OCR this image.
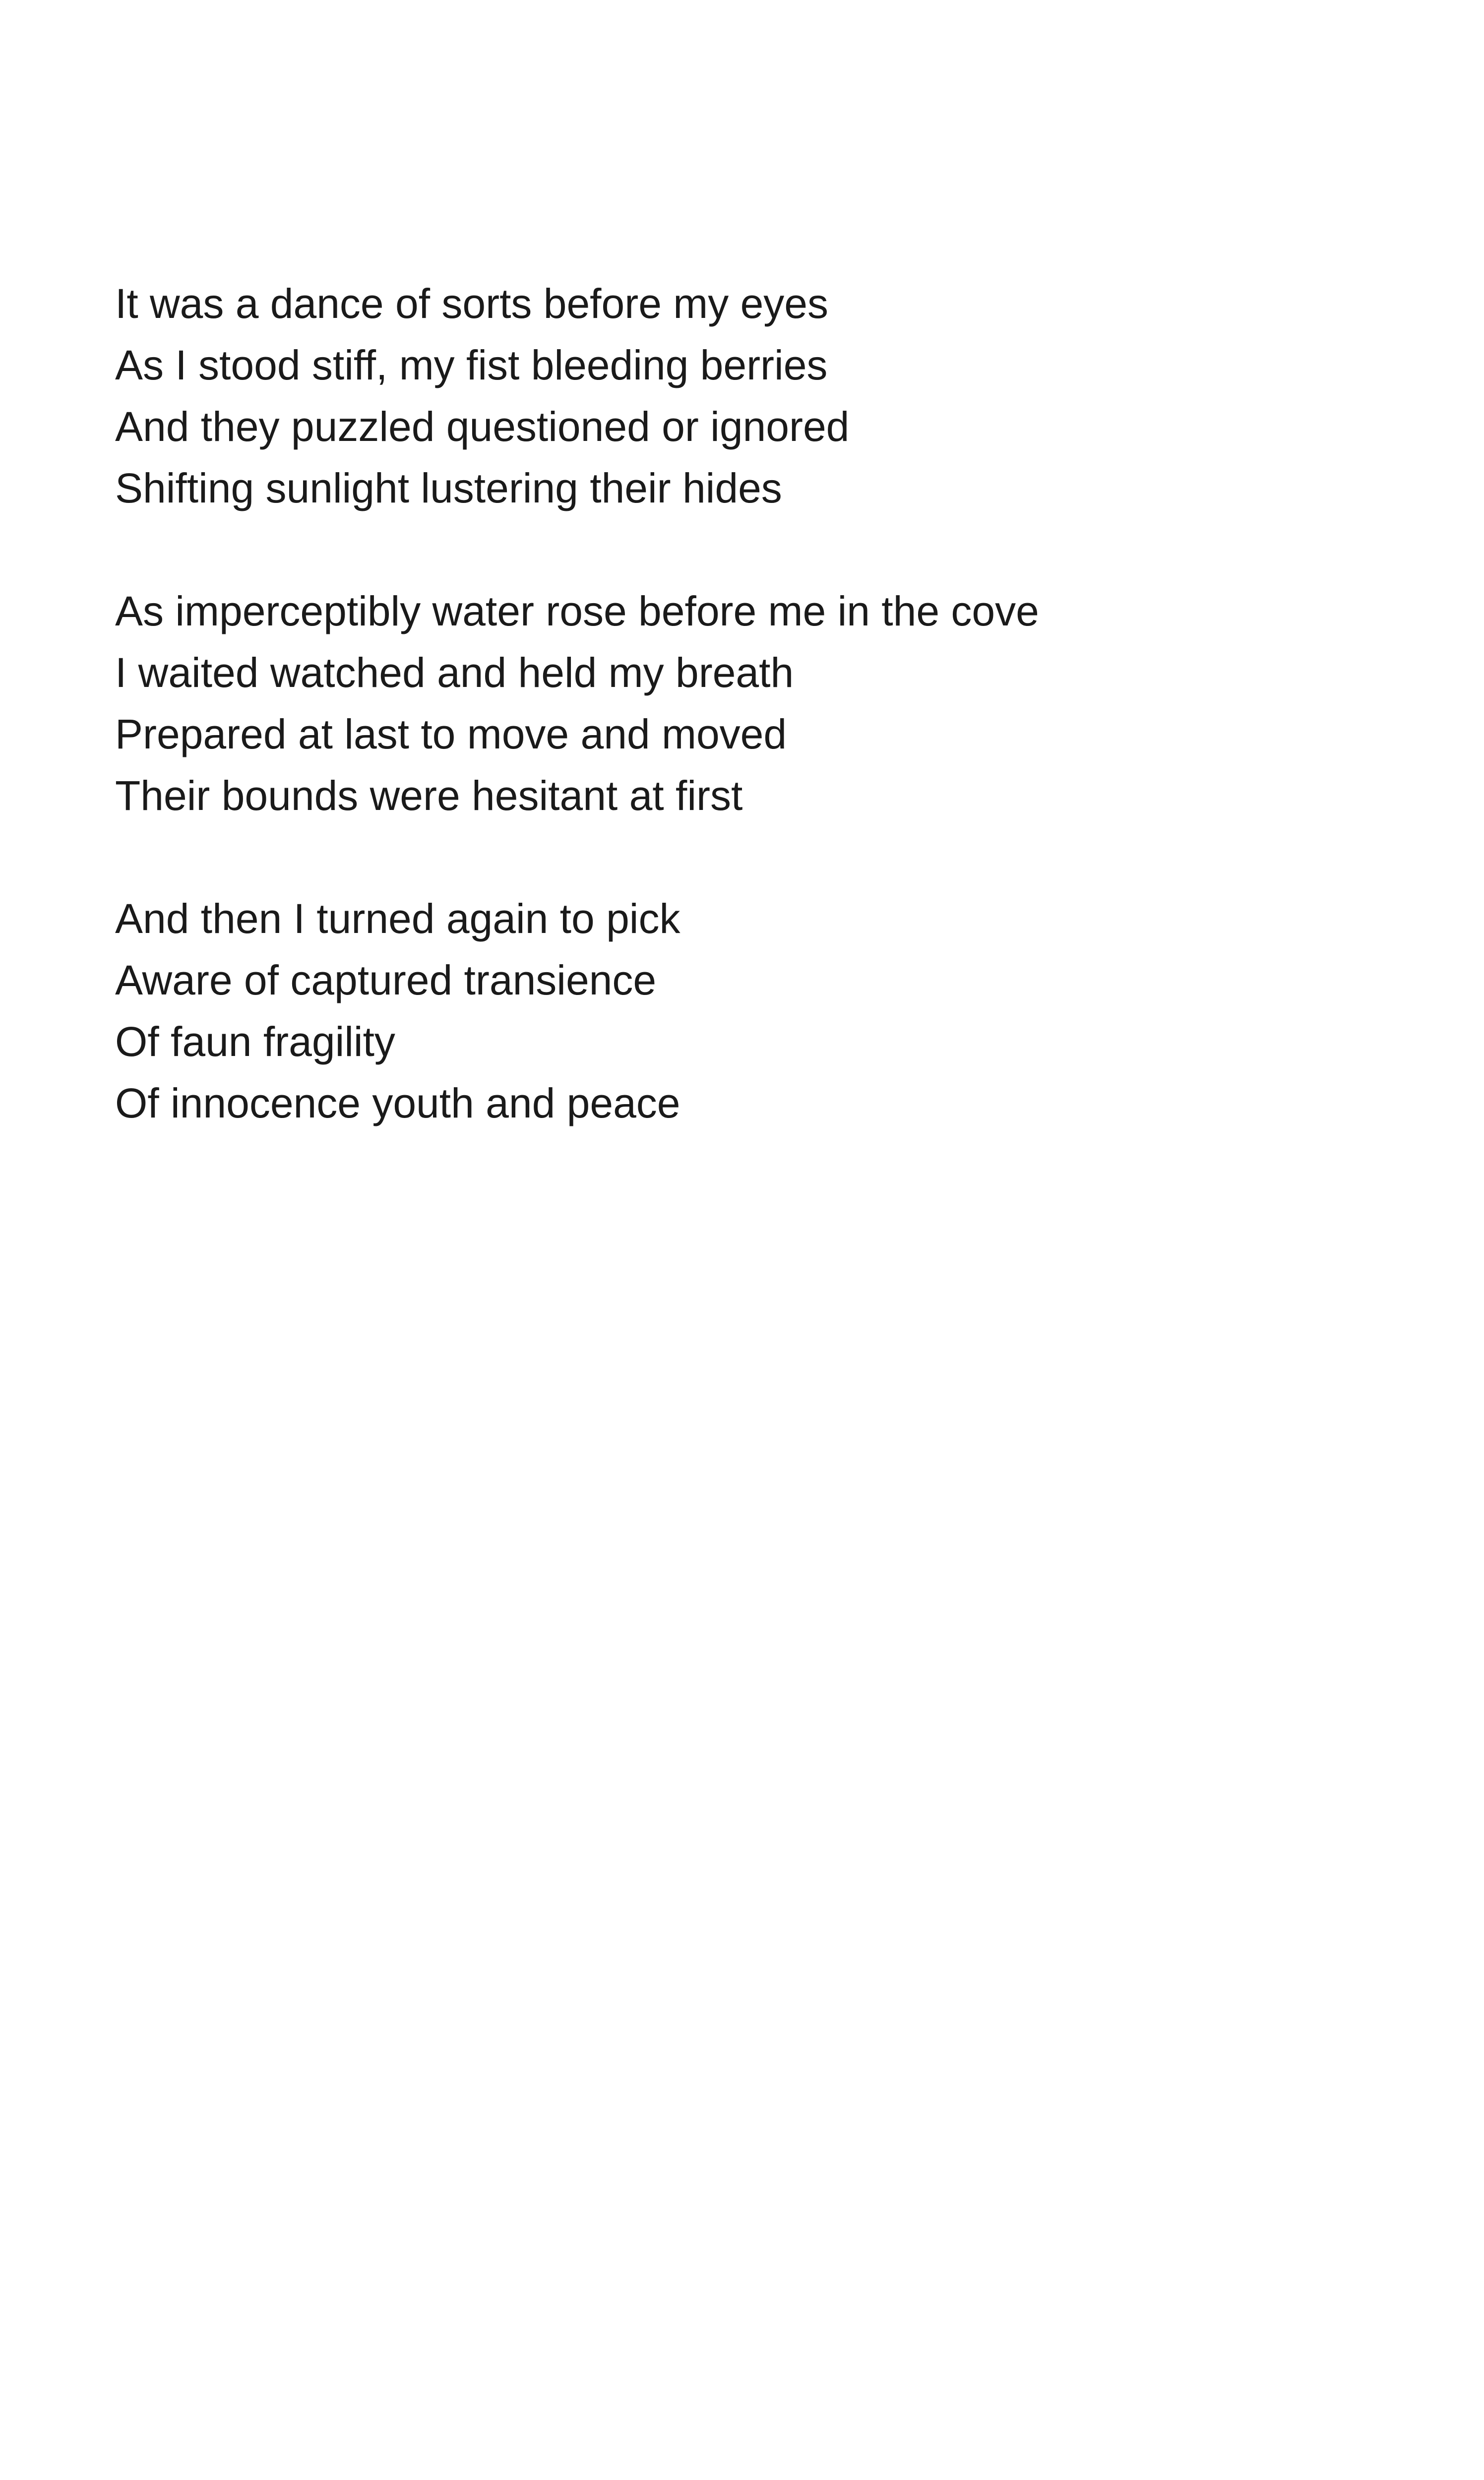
It was a dance of sorts before my eyes
As I stood stiff, my fist bleeding berries
And they puzzled questioned or ignored
Shifting sunlight lustering their hides
As imperceptibly water rose before me in the cove
I waited watched and held my breath
Prepared at last to move and moved
Their bounds were hesitant at first
And then I turned again to pick
Aware of captured transience
Of faun fragility
Of innocence youth and peace
